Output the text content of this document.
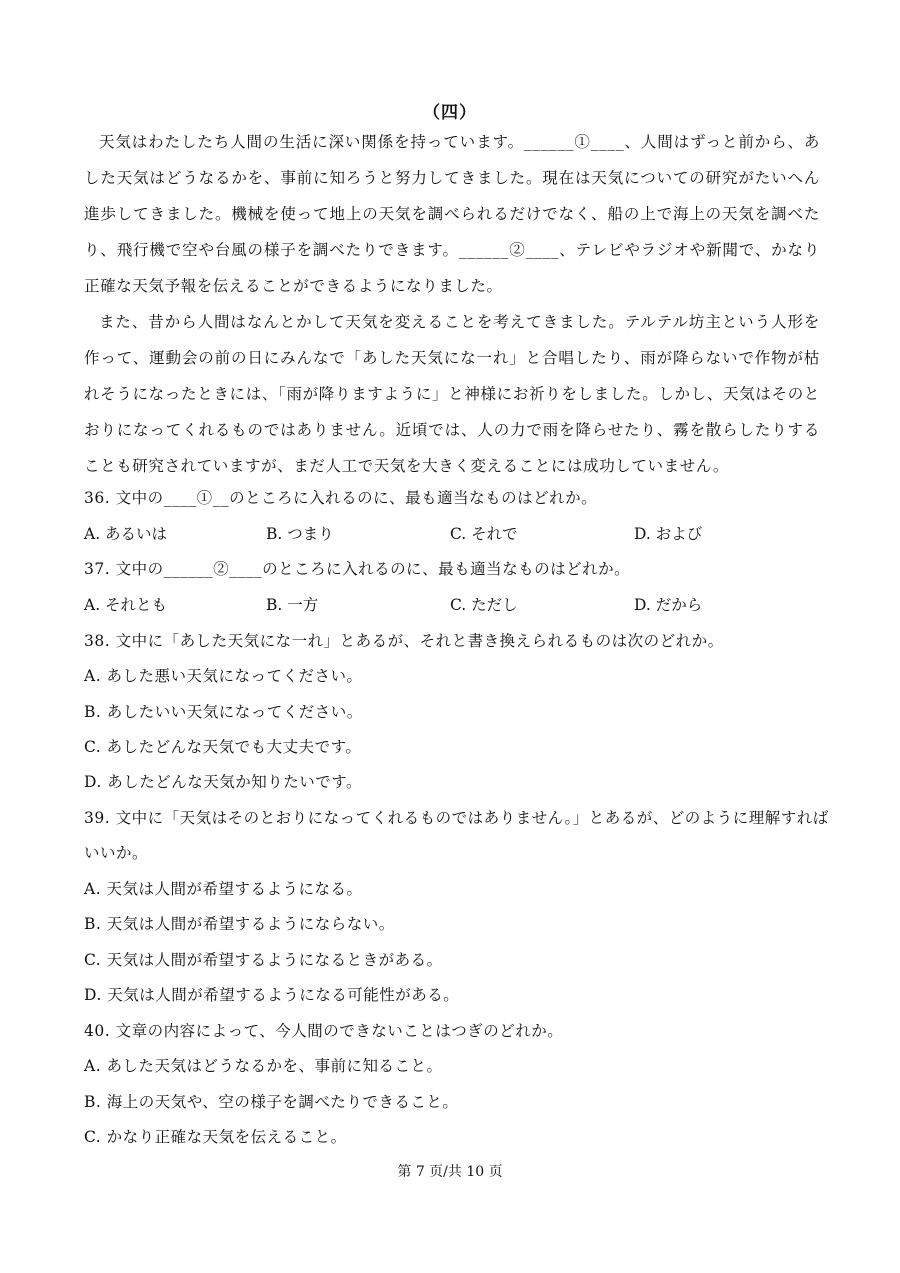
（四）
天気はわたしたち人間の生活に深い関係を持っています。______①____、人間はずっと前から、あした天気はどうなるかを、事前に知ろうと努力してきました。現在は天気についての研究がたいへん進歩してきました。機械を使って地上の天気を調べられるだけでなく、船の上で海上の天気を調べたり、飛行機で空や台風の様子を調べたりできます。______②____、テレビやラジオや新聞で、かなり正確な天気予報を伝えることができるようになりました。
また、昔から人間はなんとかして天気を変えることを考えてきました。テルテル坊主という人形を作って、運動会の前の日にみんなで「あした天気にな一れ」と合唱したり、雨が降らないで作物が枯れそうになったときには、「雨が降りますように」と神様にお祈りをしました。しかし、天気はそのとおりになってくれるものではありません。近頃では、人の力で雨を降らせたり、霧を散らしたりすることも研究されていますが、まだ人工で天気を大きく変えることには成功していません。
36. 文中の____①__のところに入れるのに、最も適当なものはどれか。
A. あるいは	B. つまり	C. それで	D. および
37. 文中の______②____のところに入れるのに、最も適当なものはどれか。
A. それとも	B. 一方	C. ただし	D. だから
38. 文中に「あした天気にな一れ」とあるが、それと書き換えられるものは次のどれか。
A. あした悪い天気になってください。
B. あしたいい天気になってください。
C. あしたどんな天気でも大丈夫です。
D. あしたどんな天気か知りたいです。
39. 文中に「天気はそのとおりになってくれるものではありません。」とあるが、どのように理解すれば
いいか。
A. 天気は人間が希望するようになる。
B. 天気は人間が希望するようにならない。
C. 天気は人間が希望するようになるときがある。
D. 天気は人間が希望するようになる可能性がある。
40. 文章の内容によって、今人間のできないことはつぎのどれか。
A. あした天気はどうなるかを、事前に知ること。
B. 海上の天気や、空の様子を調べたりできること。
C. かなり正確な天気を伝えること。
第 7 页/共 10 页
